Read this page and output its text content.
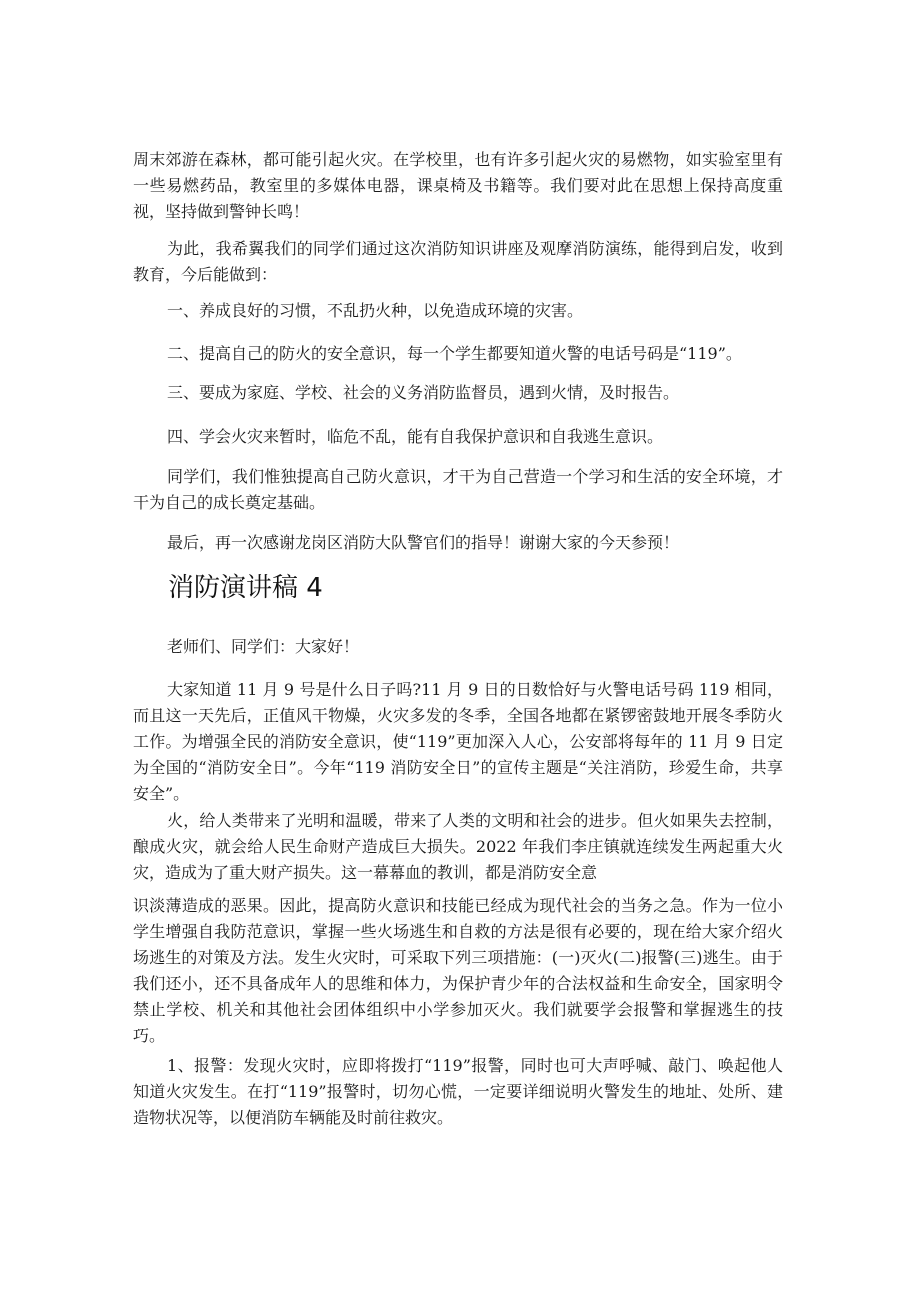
周末郊游在森林，都可能引起火灾。在学校里，也有许多引起火灾的易燃物，如实验室里有一些易燃药品，教室里的多媒体电器，课桌椅及书籍等。我们要对此在思想上保持高度重视，坚持做到警钟长鸣！

为此，我希翼我们的同学们通过这次消防知识讲座及观摩消防演练，能得到启发，收到教育，今后能做到：

一、养成良好的习惯，不乱扔火种，以免造成环境的灾害。

二、提高自己的防火的安全意识，每一个学生都要知道火警的电话号码是“119”。

三、要成为家庭、学校、社会的义务消防监督员，遇到火情，及时报告。

四、学会火灾来暂时，临危不乱，能有自我保护意识和自我逃生意识。

同学们，我们惟独提高自己防火意识，才干为自己营造一个学习和生活的安全环境，才干为自己的成长奠定基础。

最后，再一次感谢龙岗区消防大队警官们的指导！谢谢大家的今天参预！

消防演讲稿 4

老师们、同学们：大家好！

大家知道 11 月 9 号是什么日子吗?11 月 9 日的日数恰好与火警电话号码 119 相同，而且这一天先后，正值风干物燥，火灾多发的冬季，全国各地都在紧锣密鼓地开展冬季防火工作。为增强全民的消防安全意识，使“119”更加深入人心，公安部将每年的 11 月 9 日定为全国的“消防安全日”。今年“119 消防安全日”的宣传主题是“关注消防，珍爱生命，共享安全”。

火，给人类带来了光明和温暖，带来了人类的文明和社会的进步。但火如果失去控制，酿成火灾，就会给人民生命财产造成巨大损失。2022 年我们李庄镇就连续发生两起重大火灾，造成为了重大财产损失。这一幕幕血的教训，都是消防安全意

识淡薄造成的恶果。因此，提高防火意识和技能已经成为现代社会的当务之急。作为一位小学生增强自我防范意识，掌握一些火场逃生和自救的方法是很有必要的，现在给大家介绍火场逃生的对策及方法。发生火灾时，可采取下列三项措施：(一)灭火(二)报警(三)逃生。由于我们还小，还不具备成年人的思维和体力，为保护青少年的合法权益和生命安全，国家明令禁止学校、机关和其他社会团体组织中小学参加灭火。我们就要学会报警和掌握逃生的技巧。

1、报警：发现火灾时，应即将拨打“119”报警，同时也可大声呼喊、敲门、唤起他人知道火灾发生。在打“119”报警时，切勿心慌，一定要详细说明火警发生的地址、处所、建造物状况等，以便消防车辆能及时前往救灾。
